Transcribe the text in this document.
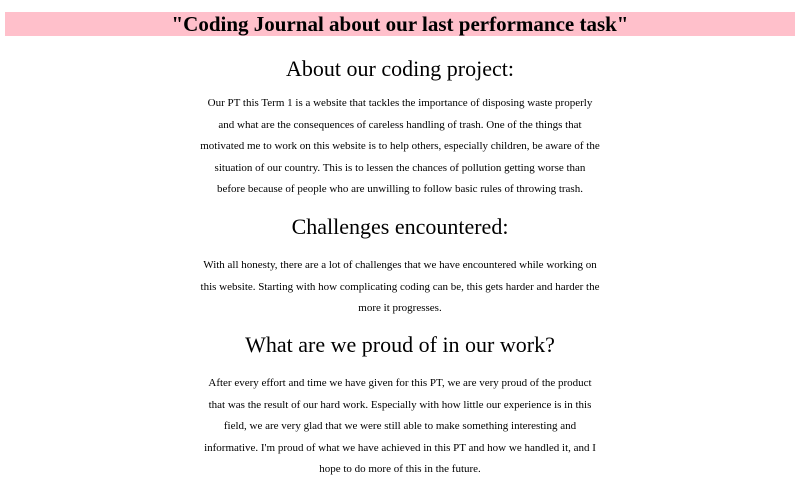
"Coding Journal about our last performance task"
About our coding project:

Our PT this Term 1 is a website that tackles the importance of disposing waste properly and what are the consequences of careless handling of trash. One of the things that motivated me to work on this website is to help others, especially children, be aware of the situation of our country. This is to lessen the chances of pollution getting worse than before because of people who are unwilling to follow basic rules of throwing trash.

Challenges encountered:

With all honesty, there are a lot of challenges that we have encountered while working on this website. Starting with how complicating coding can be, this gets harder and harder the more it progresses.

What are we proud of in our work?

After every effort and time we have given for this PT, we are very proud of the product that was the result of our hard work. Especially with how little our experience is in this field, we are very glad that we were still able to make something interesting and informative. I'm proud of what we have achieved in this PT and how we handled it, and I hope to do more of this in the future.
